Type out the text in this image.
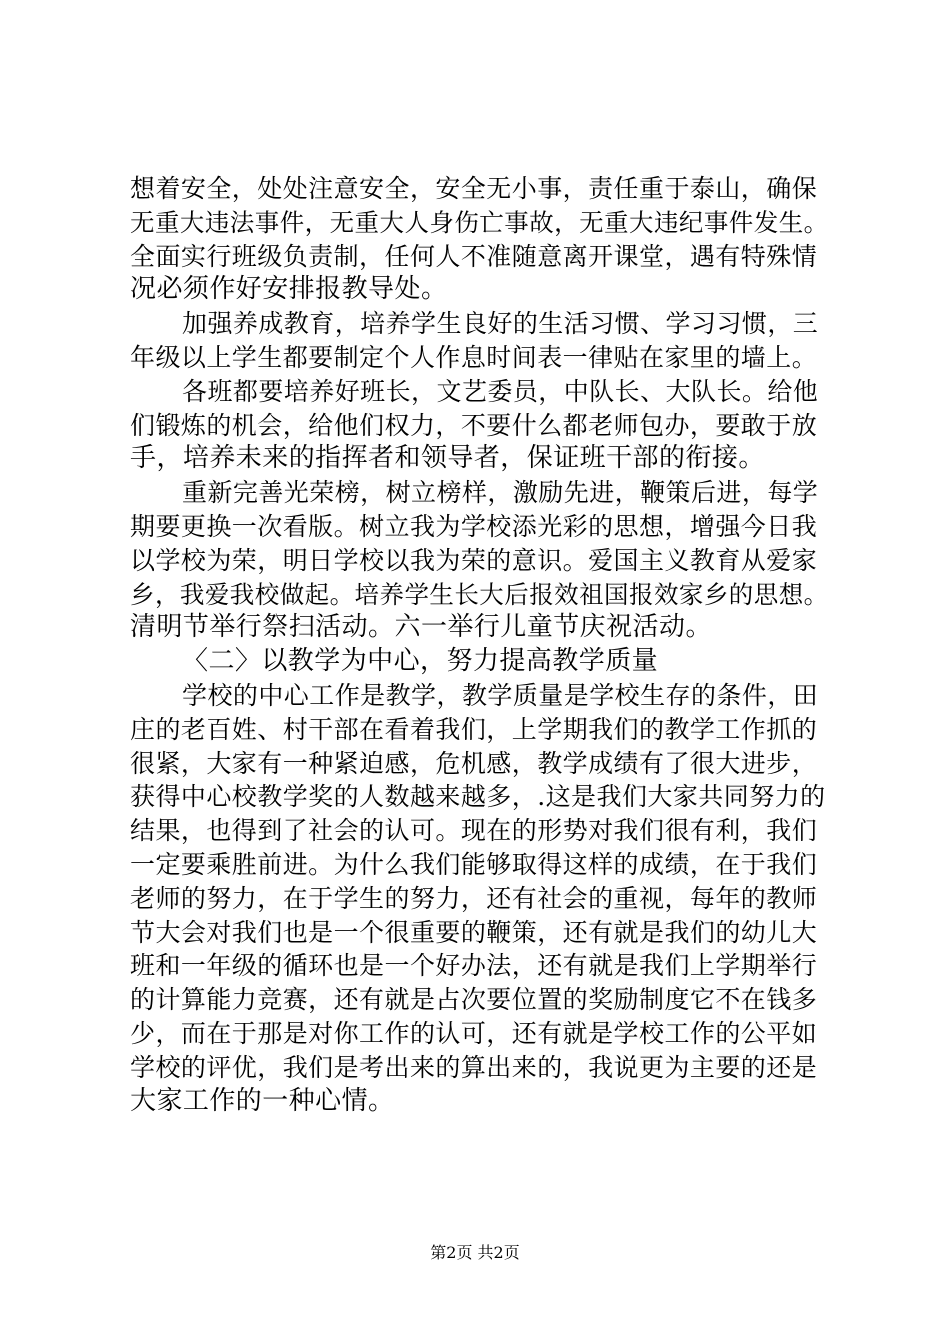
想着安全，处处注意安全，安全无小事，责任重于泰山，确保
无重大违法事件，无重大人身伤亡事故，无重大违纪事件发生。
全面实行班级负责制，任何人不准随意离开课堂，遇有特殊情
况必须作好安排报教导处。
加强养成教育，培养学生良好的生活习惯、学习习惯，三
年级以上学生都要制定个人作息时间表一律贴在家里的墙上。
各班都要培养好班长，文艺委员，中队长、大队长。给他
们锻炼的机会，给他们权力，不要什么都老师包办，要敢于放
手，培养未来的指挥者和领导者，保证班干部的衔接。
重新完善光荣榜，树立榜样，激励先进，鞭策后进，每学
期要更换一次看版。树立我为学校添光彩的思想，增强今日我
以学校为荣，明日学校以我为荣的意识。爱国主义教育从爱家
乡，我爱我校做起。培养学生长大后报效祖国报效家乡的思想。
清明节举行祭扫活动。六一举行儿童节庆祝活动。
〈二〉以教学为中心，努力提高教学质量
学校的中心工作是教学，教学质量是学校生存的条件，田
庄的老百姓、村干部在看着我们，上学期我们的教学工作抓的
很紧，大家有一种紧迫感，危机感，教学成绩有了很大进步，
获得中心校教学奖的人数越来越多，.这是我们大家共同努力的
结果，也得到了社会的认可。现在的形势对我们很有利，我们
一定要乘胜前进。为什么我们能够取得这样的成绩，在于我们
老师的努力，在于学生的努力，还有社会的重视，每年的教师
节大会对我们也是一个很重要的鞭策，还有就是我们的幼儿大
班和一年级的循环也是一个好办法，还有就是我们上学期举行
的计算能力竞赛，还有就是占次要位置的奖励制度它不在钱多
少，而在于那是对你工作的认可，还有就是学校工作的公平如
学校的评优，我们是考出来的算出来的，我说更为主要的还是
大家工作的一种心情。
第2页 共2页
